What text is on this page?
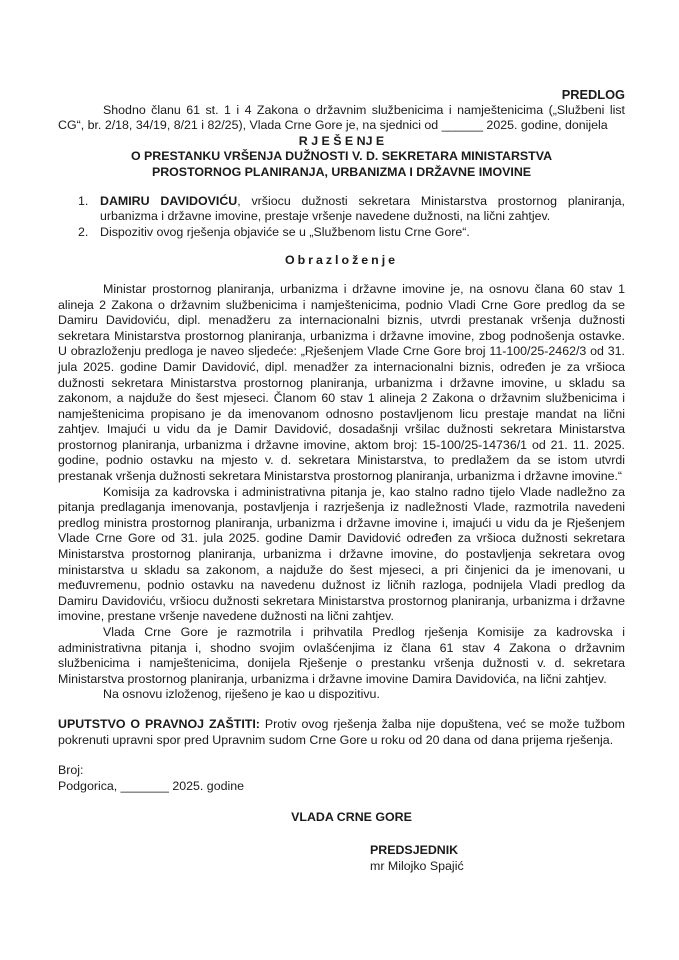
PREDLOG

Shodno članu 61 st. 1 i 4 Zakona o državnim službenicima i namještenicima („Službeni list CG“, br. 2/18, 34/19, 8/21 i 82/25), Vlada Crne Gore je, na sjednici od ______ 2025. godine, donijela

R J E Š E NJ E

O PRESTANKU VRŠENJA DUŽNOSTI V. D. SEKRETARA MINISTARSTVA

PROSTORNOG PLANIRANJA, URBANIZMA I DRŽAVNE IMOVINE

1. DAMIRU DAVIDOVIĆU, vršiocu dužnosti sekretara Ministarstva prostornog planiranja, urbanizma i državne imovine, prestaje vršenje navedene dužnosti, na lični zahtjev.
2. Dispozitiv ovog rješenja objaviće se u „Službenom listu Crne Gore“.

Obrazloženje

Ministar prostornog planiranja, urbanizma i državne imovine je, na osnovu člana 60 stav 1 alineja 2 Zakona o državnim službenicima i namještenicima, podnio Vladi Crne Gore predlog da se Damiru Davidoviću, dipl. menadžeru za internacionalni biznis, utvrdi prestanak vršenja dužnosti sekretara Ministarstva prostornog planiranja, urbanizma i državne imovine, zbog podnošenja ostavke. U obrazloženju predloga je naveo sljedeće: „Rješenjem Vlade Crne Gore broj 11-100/25-2462/3 od 31. jula 2025. godine Damir Davidović, dipl. menadžer za internacionalni biznis, određen je za vršioca dužnosti sekretara Ministarstva prostornog planiranja, urbanizma i državne imovine, u skladu sa zakonom, a najduže do šest mjeseci. Članom 60 stav 1 alineja 2 Zakona o državnim službenicima i namještenicima propisano je da imenovanom odnosno postavljenom licu prestaje mandat na lični zahtjev. Imajući u vidu da je Damir Davidović, dosadašnji vršilac dužnosti sekretara Ministarstva prostornog planiranja, urbanizma i državne imovine, aktom broj: 15-100/25-14736/1 od 21. 11. 2025. godine, podnio ostavku na mjesto v. d. sekretara Ministarstva, to predlažem da se istom utvrdi prestanak vršenja dužnosti sekretara Ministarstva prostornog planiranja, urbanizma i državne imovine.“

Komisija za kadrovska i administrativna pitanja je, kao stalno radno tijelo Vlade nadležno za pitanja predlaganja imenovanja, postavljenja i razrješenja iz nadležnosti Vlade, razmotrila navedeni predlog ministra prostornog planiranja, urbanizma i državne imovine i, imajući u vidu da je Rješenjem Vlade Crne Gore od 31. jula 2025. godine Damir Davidović određen za vršioca dužnosti sekretara Ministarstva prostornog planiranja, urbanizma i državne imovine, do postavljenja sekretara ovog ministarstva u skladu sa zakonom, a najduže do šest mjeseci, a pri činjenici da je imenovani, u međuvremenu, podnio ostavku na navedenu dužnost iz ličnih razloga, podnijela Vladi predlog da Damiru Davidoviću, vršiocu dužnosti sekretara Ministarstva prostornog planiranja, urbanizma i državne imovine, prestane vršenje navedene dužnosti na lični zahtjev.

Vlada Crne Gore je razmotrila i prihvatila Predlog rješenja Komisije za kadrovska i administrativna pitanja i, shodno svojim ovlašćenjima iz člana 61 stav 4 Zakona o državnim službenicima i namještenicima, donijela Rješenje o prestanku vršenja dužnosti v. d. sekretara Ministarstva prostornog planiranja, urbanizma i državne imovine Damira Davidovića, na lični zahtjev.

Na osnovu izloženog, riješeno je kao u dispozitivu.

UPUTSTVO O PRAVNOJ ZAŠTITI: Protiv ovog rješenja žalba nije dopuštena, već se može tužbom pokrenuti upravni spor pred Upravnim sudom Crne Gore u roku od 20 dana od dana prijema rješenja.

Broj:
Podgorica, _______ 2025. godine
VLADA CRNE GORE
PREDSJEDNIK
mr Milojko Spajić
